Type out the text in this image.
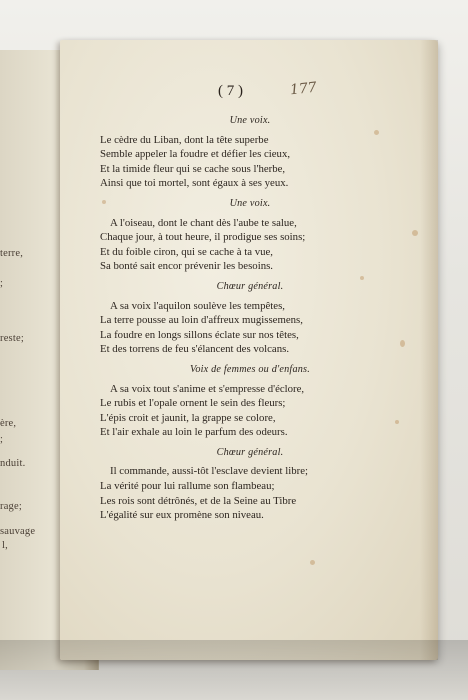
terre,
;
reste;
ère,
;
nduit.
rage;
sauvage
l,
( 7 )	177
Une voix.
Le cèdre du Liban, dont la tête superbe
Semble appeler la foudre et défier les cieux,
Et la timide fleur qui se cache sous l'herbe,
Ainsi que toi mortel, sont égaux à ses yeux.
Une voix.
A l'oiseau, dont le chant dès l'aube te salue,
Chaque jour, à tout heure, il prodigue ses soins;
Et du foible ciron, qui se cache à ta vue,
Sa bonté sait encor prévenir les besoins.
Chœur général.
A sa voix l'aquilon soulève les tempêtes,
La terre pousse au loin d'affreux mugissemens,
La foudre en longs sillons éclate sur nos têtes,
Et des torrens de feu s'élancent des volcans.
Voix de femmes ou d'enfans.
A sa voix tout s'anime et s'empresse d'éclore,
Le rubis et l'opale ornent le sein des fleurs;
L'épis croit et jaunit, la grappe se colore,
Et l'air exhale au loin le parfum des odeurs.
Chœur général.
Il commande, aussi-tôt l'esclave devient libre;
La vérité pour lui rallume son flambeau;
Les rois sont détrônés, et de la Seine au Tibre
L'égalité sur eux promène son niveau.
